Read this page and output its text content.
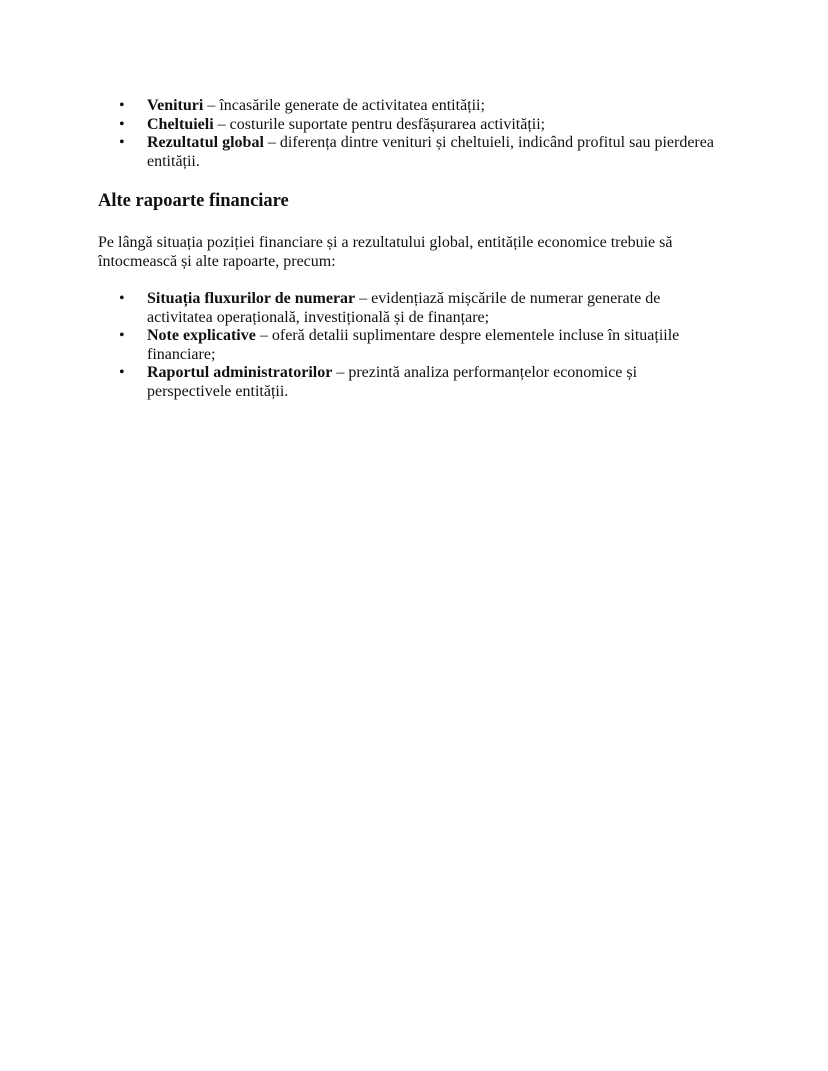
• Venituri – încasările generate de activitatea entității;
• Cheltuieli – costurile suportate pentru desfășurarea activității;
• Rezultatul global – diferența dintre venituri și cheltuieli, indicând profitul sau pierderea
entității.
Alte rapoarte financiare

Pe lângă situația poziției financiare și a rezultatului global, entitățile economice trebuie să
întocmească și alte rapoarte, precum:

• Situația fluxurilor de numerar – evidențiază mișcările de numerar generate de
activitatea operațională, investițională și de finanțare;
• Note explicative – oferă detalii suplimentare despre elementele incluse în situațiile
financiare;
• Raportul administratorilor – prezintă analiza performanțelor economice și
perspectivele entității.
